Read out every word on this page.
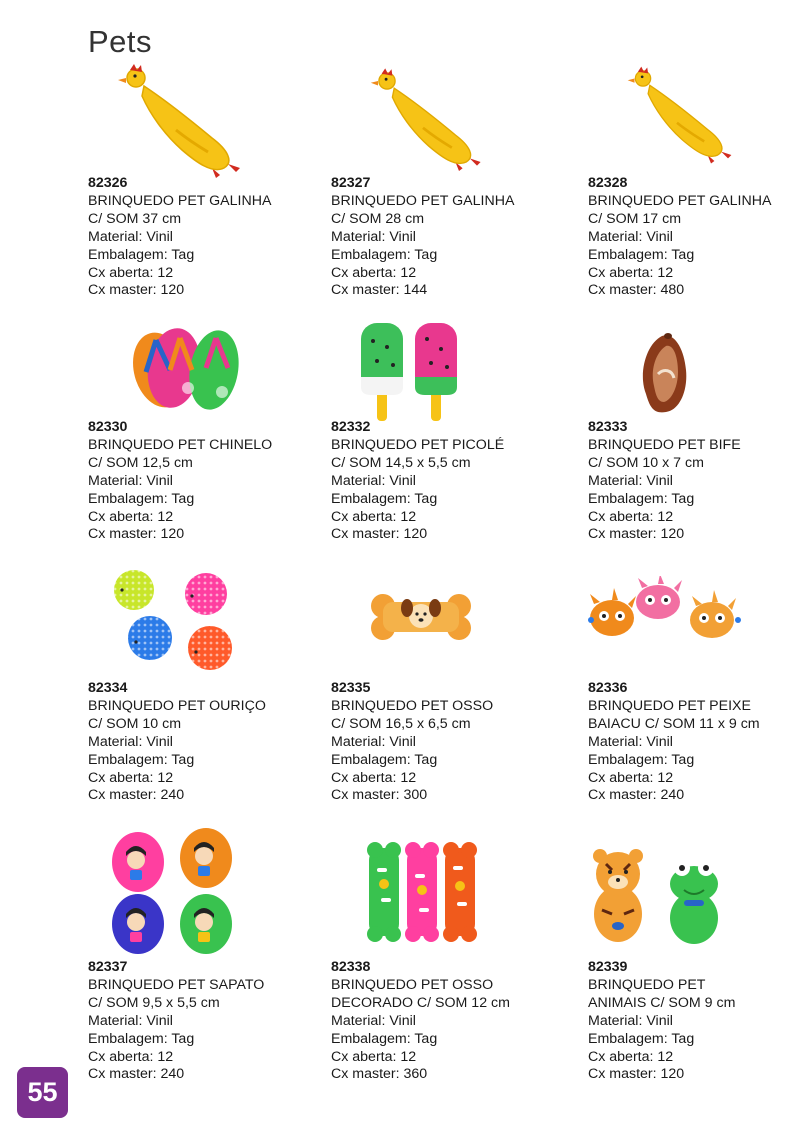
Pets
82326
BRINQUEDO PET GALINHA
C/ SOM 37 cm
Material: Vinil
Embalagem: Tag
Cx aberta: 12
Cx master: 120
82327
BRINQUEDO PET GALINHA
C/ SOM 28 cm
Material: Vinil
Embalagem: Tag
Cx aberta: 12
Cx master: 144
82328
BRINQUEDO PET GALINHA
C/ SOM 17 cm
Material: Vinil
Embalagem: Tag
Cx aberta: 12
Cx master: 480
82330
BRINQUEDO PET CHINELO
C/ SOM 12,5 cm
Material: Vinil
Embalagem: Tag
Cx aberta: 12
Cx master: 120
82332
BRINQUEDO PET PICOLÉ
C/ SOM 14,5 x 5,5 cm
Material: Vinil
Embalagem: Tag
Cx aberta: 12
Cx master: 120
82333
BRINQUEDO PET BIFE
C/ SOM 10 x 7 cm
Material: Vinil
Embalagem: Tag
Cx aberta: 12
Cx master: 120
82334
BRINQUEDO PET OURIÇO
C/ SOM 10 cm
Material: Vinil
Embalagem: Tag
Cx aberta: 12
Cx master: 240
82335
BRINQUEDO PET OSSO
C/ SOM 16,5 x 6,5 cm
Material: Vinil
Embalagem: Tag
Cx aberta: 12
Cx master: 300
82336
BRINQUEDO PET PEIXE
BAIACU C/ SOM 11 x 9 cm
Material: Vinil
Embalagem: Tag
Cx aberta: 12
Cx master: 240
82337
BRINQUEDO PET SAPATO
C/ SOM 9,5 x 5,5 cm
Material: Vinil
Embalagem: Tag
Cx aberta: 12
Cx master: 240
82338
BRINQUEDO PET OSSO
DECORADO C/ SOM 12 cm
Material: Vinil
Embalagem: Tag
Cx aberta: 12
Cx master: 360
82339
BRINQUEDO PET
ANIMAIS C/ SOM 9 cm
Material: Vinil
Embalagem: Tag
Cx aberta: 12
Cx master: 120
55
